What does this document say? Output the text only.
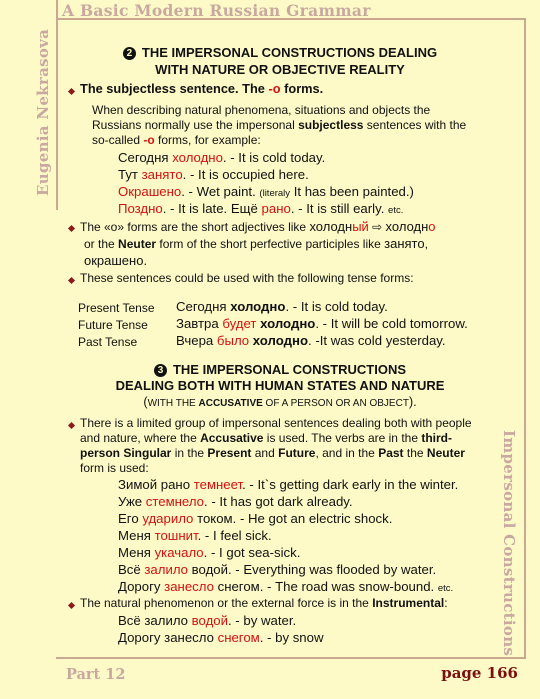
A Basic Modern Russian Grammar
Eugenia Nekrasova
Impersonal Constructions
Part 12	page 166
2 THE IMPERSONAL CONSTRUCTIONS DEALING
WITH NATURE OR OBJECTIVE REALITY
The subjectless sentence. The -о forms.
When describing natural phenomena, situations and objects the
Russians normally use the impersonal subjectless sentences with the
so-called -о forms, for example:
Сегодня холодно. - It is cold today.
Тут занято. - It is occupied here.
Окрашено. - Wet paint. (literaly It has been painted.)
Поздно. - It is late. Ещё рано. - It is still early. etc.
The «о» forms are the short adjectives like холодный ⇨ холодно
or the Neuter form of the short perfective participles like занято,
окрашено.
These sentences could be used with the following tense forms:
Present Tense Сегодня холодно. - It is cold today.
Future Tense Завтра будет холодно. - It will be cold tomorrow.
Past Tense	Вчера было холодно. -It was cold yesterday.
3 THE IMPERSONAL CONSTRUCTIONS
DEALING BOTH WITH HUMAN STATES AND NATURE
(WITH THE ACCUSATIVE OF A PERSON OR AN OBJECT).
There is a limited group of impersonal sentences dealing both with people
and nature, where the Accusative is used. The verbs are in the third-
person Singular in the Present and Future, and in the Past the Neuter
form is used:
Зимой рано темнеет. - It`s getting dark early in the winter.
Уже стемнело. - It has got dark already.
Его ударило током. - He got an electric shock.
Меня тошнит. - I feel sick.
Меня укачало. - I got sea-sick.
Всё залило водой. - Everything was flooded by water.
Дорогу занесло снегом. - The road was snow-bound. etc.
The natural phenomenon or the external force is in the Instrumental:
Всё залило водой. - by water.
Дорогу занесло снегом. - by snow
